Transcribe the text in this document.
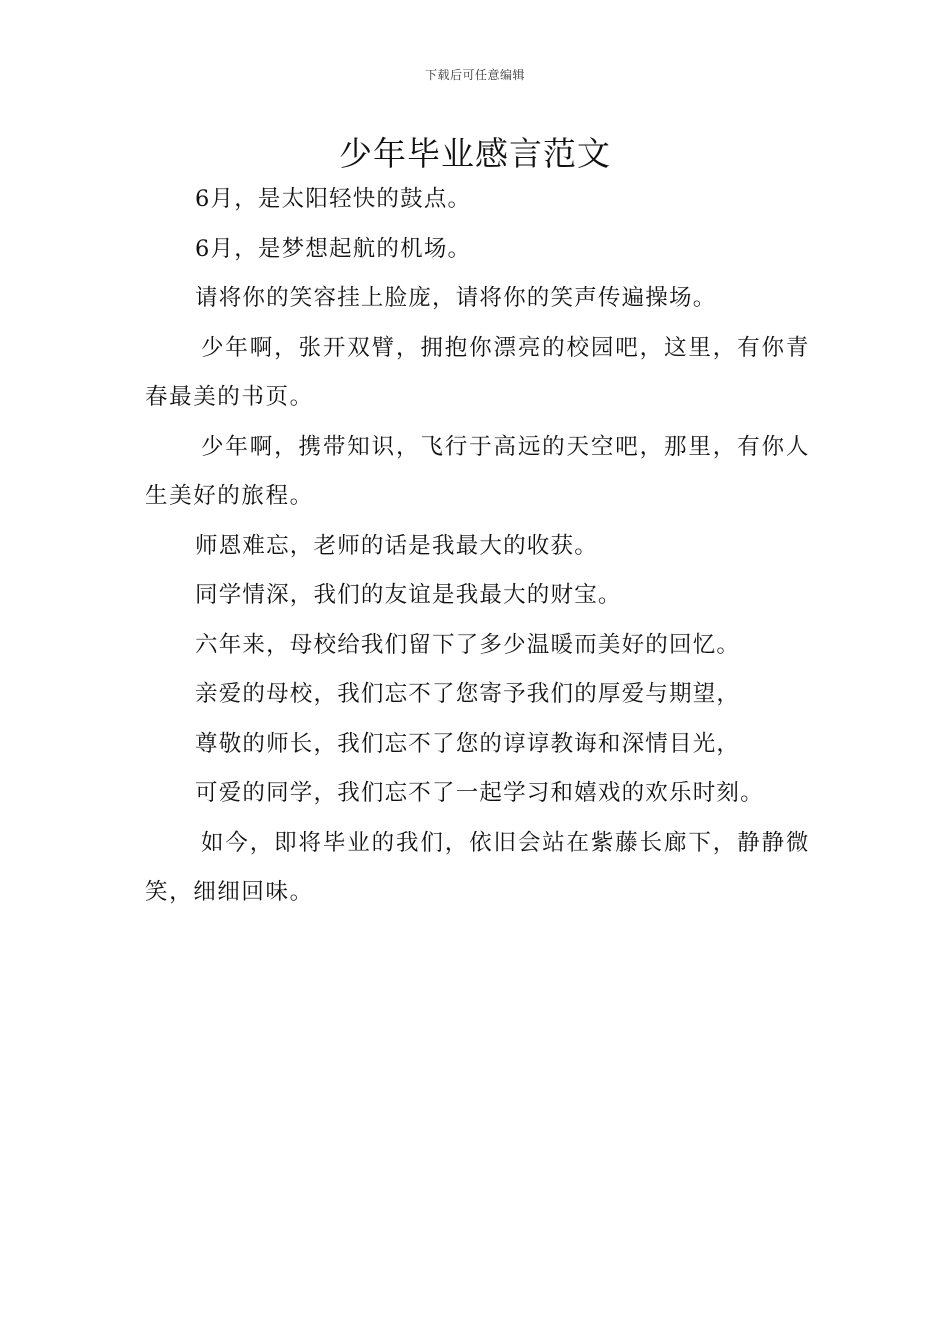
下载后可任意编辑
少年毕业感言范文

6月，是太阳轻快的鼓点。

6月，是梦想起航的机场。

请将你的笑容挂上脸庞，请将你的笑声传遍操场。

少年啊，张开双臂，拥抱你漂亮的校园吧，这里，有你青春最美的书页。

少年啊，携带知识，飞行于高远的天空吧，那里，有你人生美好的旅程。

师恩难忘，老师的话是我最大的收获。

同学情深，我们的友谊是我最大的财宝。

六年来，母校给我们留下了多少温暖而美好的回忆。

亲爱的母校，我们忘不了您寄予我们的厚爱与期望，

尊敬的师长，我们忘不了您的谆谆教诲和深情目光，

可爱的同学，我们忘不了一起学习和嬉戏的欢乐时刻。

如今，即将毕业的我们，依旧会站在紫藤长廊下，静静微笑，细细回味。
